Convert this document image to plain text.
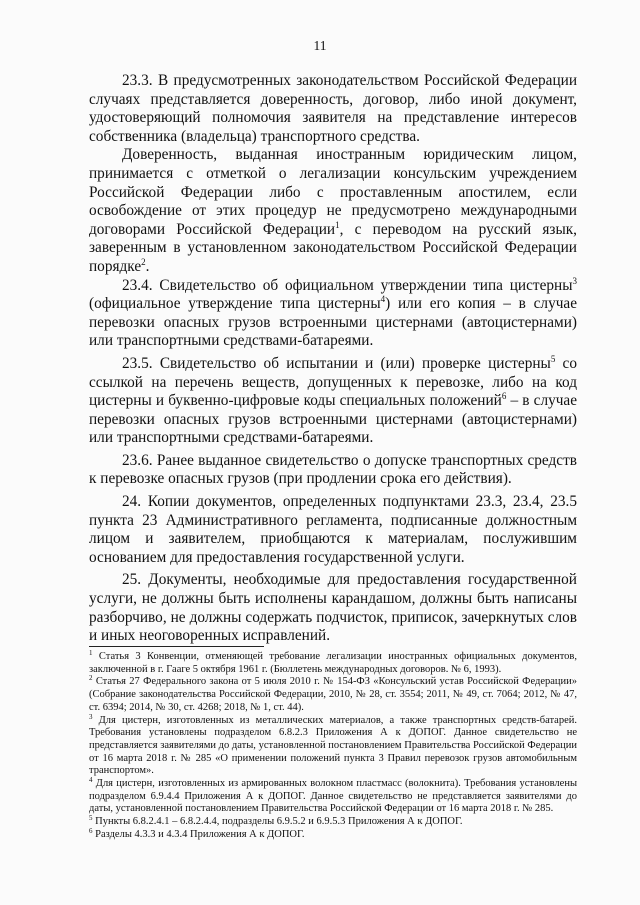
11

23.3. В предусмотренных законодательством Российской Федерации случаях представляется доверенность, договор, либо иной документ, удостоверяющий полномочия заявителя на представление интересов собственника (владельца) транспортного средства.

Доверенность, выданная иностранным юридическим лицом, принимается с отметкой о легализации консульским учреждением Российской Федерации либо с проставленным апостилем, если освобождение от этих процедур не предусмотрено международными договорами Российской Федерации$^1$, с переводом на русский язык, заверенным в установленном законодательством Российской Федерации порядке$^2$.

23.4. Свидетельство об официальном утверждении типа цистерны$^3$ (официальное утверждение типа цистерны$^4$) или его копия – в случае перевозки опасных грузов встроенными цистернами (автоцистернами) или транспортными средствами-батареями.

23.5. Свидетельство об испытании и (или) проверке цистерны$^5$ со ссылкой на перечень веществ, допущенных к перевозке, либо на код цистерны и буквенно-цифровые коды специальных положений$^6$ – в случае перевозки опасных грузов встроенными цистернами (автоцистернами) или транспортными средствами-батареями.

23.6. Ранее выданное свидетельство о допуске транспортных средств к перевозке опасных грузов (при продлении срока его действия).

24. Копии документов, определенных подпунктами 23.3, 23.4, 23.5 пункта 23 Административного регламента, подписанные должностным лицом и заявителем, приобщаются к материалам, послужившим основанием для предоставления государственной услуги.

25. Документы, необходимые для предоставления государственной услуги, не должны быть исполнены карандашом, должны быть написаны разборчиво, не должны содержать подчисток, приписок, зачеркнутых слов и иных неоговоренных исправлений.

$^1$ Статья 3 Конвенции, отменяющей требование легализации иностранных официальных документов, заключенной в г. Гааге 5 октября 1961 г. (Бюллетень международных договоров. № 6, 1993).

$^2$ Статья 27 Федерального закона от 5 июля 2010 г. № 154-ФЗ «Консульский устав Российской Федерации» (Собрание законодательства Российской Федерации, 2010, № 28, ст. 3554; 2011, № 49, ст. 7064; 2012, № 47, ст. 6394; 2014, № 30, ст. 4268; 2018, № 1, ст. 44).

$^3$ Для цистерн, изготовленных из металлических материалов, а также транспортных средств-батарей. Требования установлены подразделом 6.8.2.3 Приложения А к ДОПОГ. Данное свидетельство не представляется заявителями до даты, установленной постановлением Правительства Российской Федерации от 16 марта 2018 г. № 285 «О применении положений пункта 3 Правил перевозок грузов автомобильным транспортом».

$^4$ Для цистерн, изготовленных из армированных волокном пластмасс (волокнита). Требования установлены подразделом 6.9.4.4 Приложения А к ДОПОГ. Данное свидетельство не представляется заявителями до даты, установленной постановлением Правительства Российской Федерации от 16 марта 2018 г. № 285.

$^5$ Пункты 6.8.2.4.1 – 6.8.2.4.4, подразделы 6.9.5.2 и 6.9.5.3 Приложения А к ДОПОГ.

$^6$ Разделы 4.3.3 и 4.3.4 Приложения А к ДОПОГ.
